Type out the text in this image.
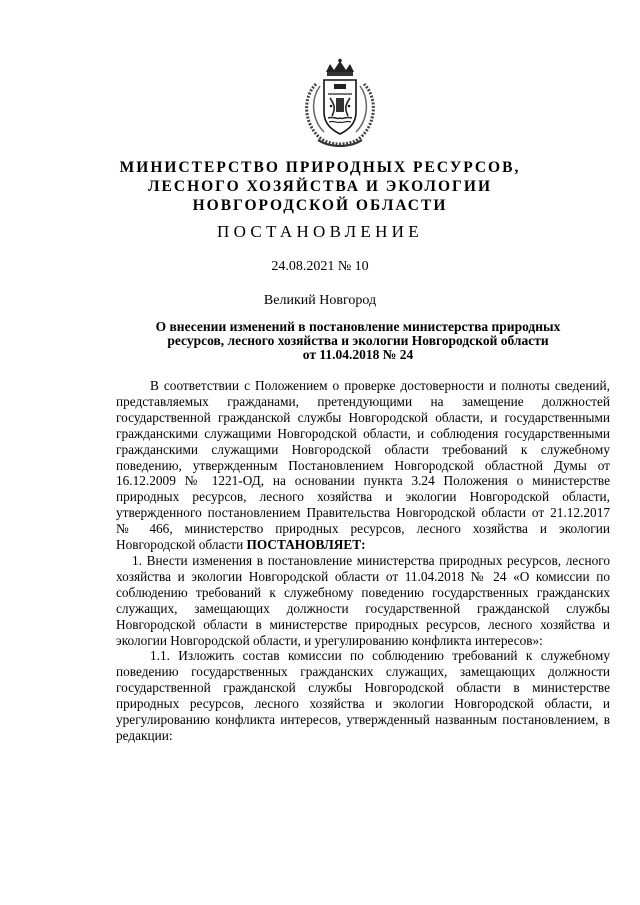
МИНИСТЕРСТВО ПРИРОДНЫХ РЕСУРСОВ,
ЛЕСНОГО ХОЗЯЙСТВА И ЭКОЛОГИИ
НОВГОРОДСКОЙ ОБЛАСТИ
ПОСТАНОВЛЕНИЕ
24.08.2021 № 10
Великий Новгород
О внесении изменений в постановление министерства природных
ресурсов, лесного хозяйства и экологии Новгородской области
от 11.04.2018 № 24

В соответствии с Положением о проверке достоверности и полноты сведений, представляемых гражданами, претендующими на замещение должностей государственной гражданской службы Новгородской области, и государственными гражданскими служащими Новгородской области, и соблюдения государственными гражданскими служащими Новгородской области требований к служебному поведению, утвержденным Постановлением Новгородской областной Думы от 16.12.2009 № 1221-ОД, на основании пункта 3.24 Положения о министерстве природных ресурсов, лесного хозяйства и экологии Новгородской области, утвержденного постановлением Правительства Новгородской области от 21.12.2017 № 466, министерство природных ресурсов, лесного хозяйства и экологии Новгородской области ПОСТАНОВЛЯЕТ:

1. Внести изменения в постановление министерства природных ресурсов, лесного хозяйства и экологии Новгородской области от 11.04.2018 № 24 «О комиссии по соблюдению требований к служебному поведению государственных гражданских служащих, замещающих должности государственной гражданской службы Новгородской области в министерстве природных ресурсов, лесного хозяйства и экологии Новгородской области, и урегулированию конфликта интересов»:

1.1. Изложить состав комиссии по соблюдению требований к служебному поведению государственных гражданских служащих, замещающих должности государственной гражданской службы Новгородской области в министерстве природных ресурсов, лесного хозяйства и экологии Новгородской области, и урегулированию конфликта интересов, утвержденный названным постановлением, в редакции:
